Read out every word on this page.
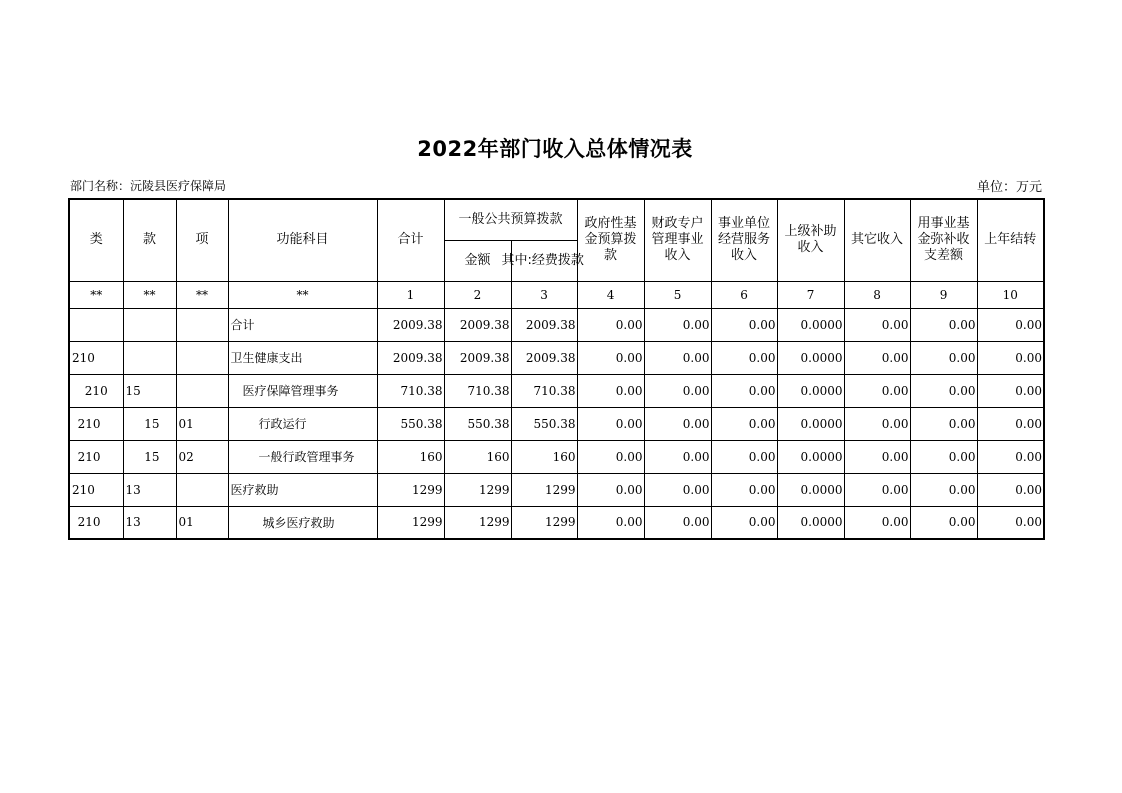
2022年部门收入总体情况表
部门名称：沅陵县医疗保障局	单位：万元
类	款	项	功能科目	合计	一般公共预算拨款		政府性基金预算拨款	财政专户管理事业收入	事业单位经营服务收入	上级补助收入	其它收入	用事业基金弥补收支差额	上年结转
					金额	其中:经费拨款							
**	**	**	**	1	2	3	4	5	6	7	8	9	10
			合计	2009.38	2009.38	2009.38	0.00	0.00	0.00	0.0000	0.00	0.00	0.00
210			卫生健康支出	2009.38	2009.38	2009.38	0.00	0.00	0.00	0.0000	0.00	0.00	0.00
210	15		医疗保障管理事务	710.38	710.38	710.38	0.00	0.00	0.00	0.0000	0.00	0.00	0.00
210	15	01	行政运行	550.38	550.38	550.38	0.00	0.00	0.00	0.0000	0.00	0.00	0.00
210	15	02	一般行政管理事务	160	160	160	0.00	0.00	0.00	0.0000	0.00	0.00	0.00
210	13		医疗救助	1299	1299	1299	0.00	0.00	0.00	0.0000	0.00	0.00	0.00
210	13	01	城乡医疗救助	1299	1299	1299	0.00	0.00	0.00	0.0000	0.00	0.00	0.00
